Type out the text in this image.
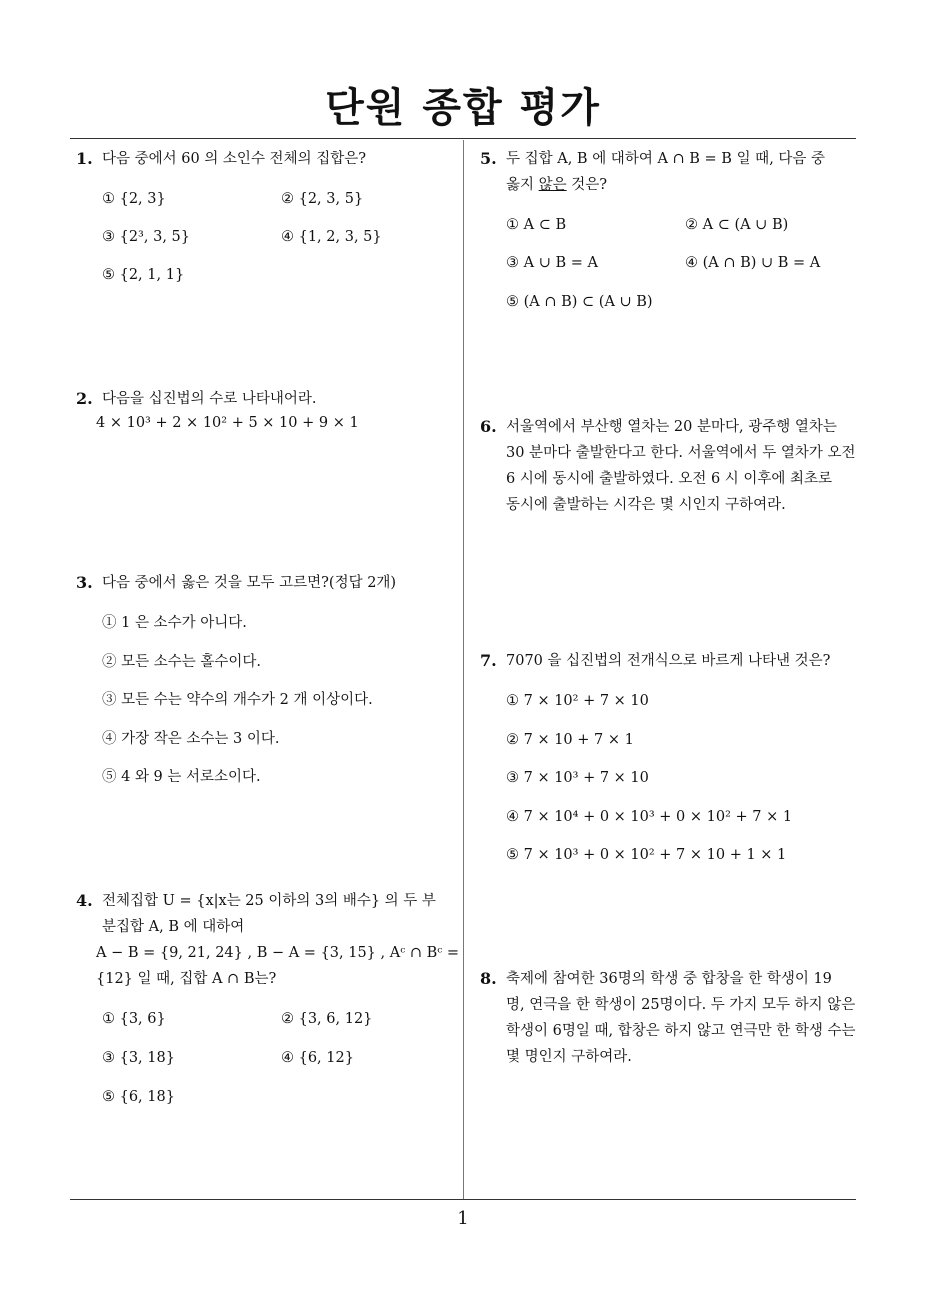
단원 종합 평가
1
1. 다음 중에서 60 의 소인수 전체의 집합은?
① {2, 3}	② {2, 3, 5}
③ {2³, 3, 5}	④ {1, 2, 3, 5}
⑤ {2, 1, 1}
2. 다음을 십진법의 수로 나타내어라.
4 × 10³ + 2 × 10² + 5 × 10 + 9 × 1
3. 다음 중에서 옳은 것을 모두 고르면?(정답 2개)
① 1 은 소수가 아니다.
② 모든 소수는 홀수이다.
③ 모든 수는 약수의 개수가 2 개 이상이다.
④ 가장 작은 소수는 3 이다.
⑤ 4 와 9 는 서로소이다.
4. 전체집합 U = {x|x는 25 이하의 3의 배수} 의 두 부
분집합 A, B 에 대하여
A − B = {9, 21, 24} , B − A = {3, 15} , Aᶜ ∩ Bᶜ =
{12} 일 때, 집합 A ∩ B는?
① {3, 6}	② {3, 6, 12}
③ {3, 18}	④ {6, 12}
⑤ {6, 18}
5. 두 집합 A, B 에 대하여 A ∩ B = B 일 때, 다음 중
옳지 않은 것은?
① A ⊂ B	② A ⊂ (A ∪ B)
③ A ∪ B = A	④ (A ∩ B) ∪ B = A
⑤ (A ∩ B) ⊂ (A ∪ B)
6. 서울역에서 부산행 열차는 20 분마다, 광주행 열차는
30 분마다 출발한다고 한다. 서울역에서 두 열차가 오전
6 시에 동시에 출발하였다. 오전 6 시 이후에 최초로
동시에 출발하는 시각은 몇 시인지 구하여라.
7. 7070 을 십진법의 전개식으로 바르게 나타낸 것은?
① 7 × 10² + 7 × 10
② 7 × 10 + 7 × 1
③ 7 × 10³ + 7 × 10
④ 7 × 10⁴ + 0 × 10³ + 0 × 10² + 7 × 1
⑤ 7 × 10³ + 0 × 10² + 7 × 10 + 1 × 1
8. 축제에 참여한 36명의 학생 중 합창을 한 학생이 19
명, 연극을 한 학생이 25명이다. 두 가지 모두 하지 않은
학생이 6명일 때, 합창은 하지 않고 연극만 한 학생 수는
몇 명인지 구하여라.
